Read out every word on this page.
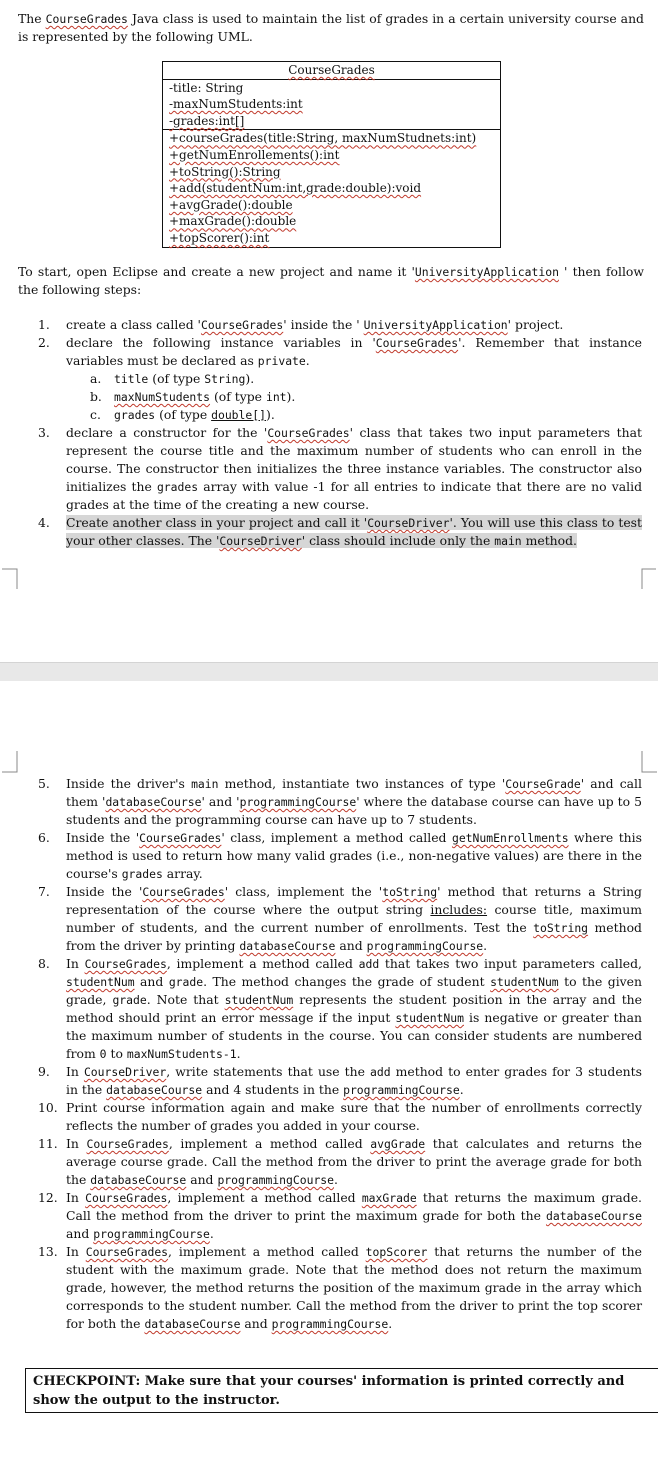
The CourseGrades Java class is used to maintain the list of grades in a certain university course and is represented by the following UML.

CourseGrades
-title: String
-maxNumStudents:int
-grades:int[]
+courseGrades(title:String, maxNumStudnets:int)
+getNumEnrollements():int
+toString():String
+add(studentNum:int,grade:double):void
+avgGrade():double
+maxGrade():double
+topScorer():int

To start, open Eclipse and create a new project and name it 'UniversityApplication ' then follow the following steps:

1.	create a class called 'CourseGrades' inside the ' UniversityApplication' project.
2.	declare the following instance variables in 'CourseGrades'. Remember that instance variables must be declared as private.
a. title (of type String).
b. maxNumStudents (of type int).
c. grades (of type double[]).
3.	declare a constructor for the 'CourseGrades' class that takes two input parameters that represent the course title and the maximum number of students who can enroll in the course. The constructor then initializes the three instance variables. The constructor also initializes the grades array with value -1 for all entries to indicate that there are no valid grades at the time of the creating a new course.
4.	Create another class in your project and call it 'CourseDriver'. You will use this class to test your other classes. The 'CourseDriver' class should include only the main method.
5.	Inside the driver's main method, instantiate two instances of type 'CourseGrade' and call them 'databaseCourse' and 'programmingCourse' where the database course can have up to 5 students and the programming course can have up to 7 students.
6.	Inside the 'CourseGrades' class, implement a method called getNumEnrollments where this method is used to return how many valid grades (i.e., non-negative values) are there in the course's grades array.
7.	Inside the 'CourseGrades' class, implement the 'toString' method that returns a String representation of the course where the output string includes: course title, maximum number of students, and the current number of enrollments. Test the toString method from the driver by printing databaseCourse and programmingCourse.
8.	In CourseGrades, implement a method called add that takes two input parameters called, studentNum and grade. The method changes the grade of student studentNum to the given grade, grade. Note that studentNum represents the student position in the array and the method should print an error message if the input studentNum is negative or greater than the maximum number of students in the course. You can consider students are numbered from 0 to maxNumStudents-1.
9.	In CourseDriver, write statements that use the add method to enter grades for 3 students in the databaseCourse and 4 students in the programmingCourse.
10. Print course information again and make sure that the number of enrollments correctly reflects the number of grades you added in your course.
11. In CourseGrades, implement a method called avgGrade that calculates and returns the average course grade. Call the method from the driver to print the average grade for both the databaseCourse and programmingCourse.
12. In CourseGrades, implement a method called maxGrade that returns the maximum grade. Call the method from the driver to print the maximum grade for both the databaseCourse and programmingCourse.
13. In CourseGrades, implement a method called topScorer that returns the number of the student with the maximum grade. Note that the method does not return the maximum grade, however, the method returns the position of the maximum grade in the array which corresponds to the student number. Call the method from the driver to print the top scorer for both the databaseCourse and programmingCourse.
CHECKPOINT: Make sure that your courses' information is printed correctly and show the output to the instructor.
